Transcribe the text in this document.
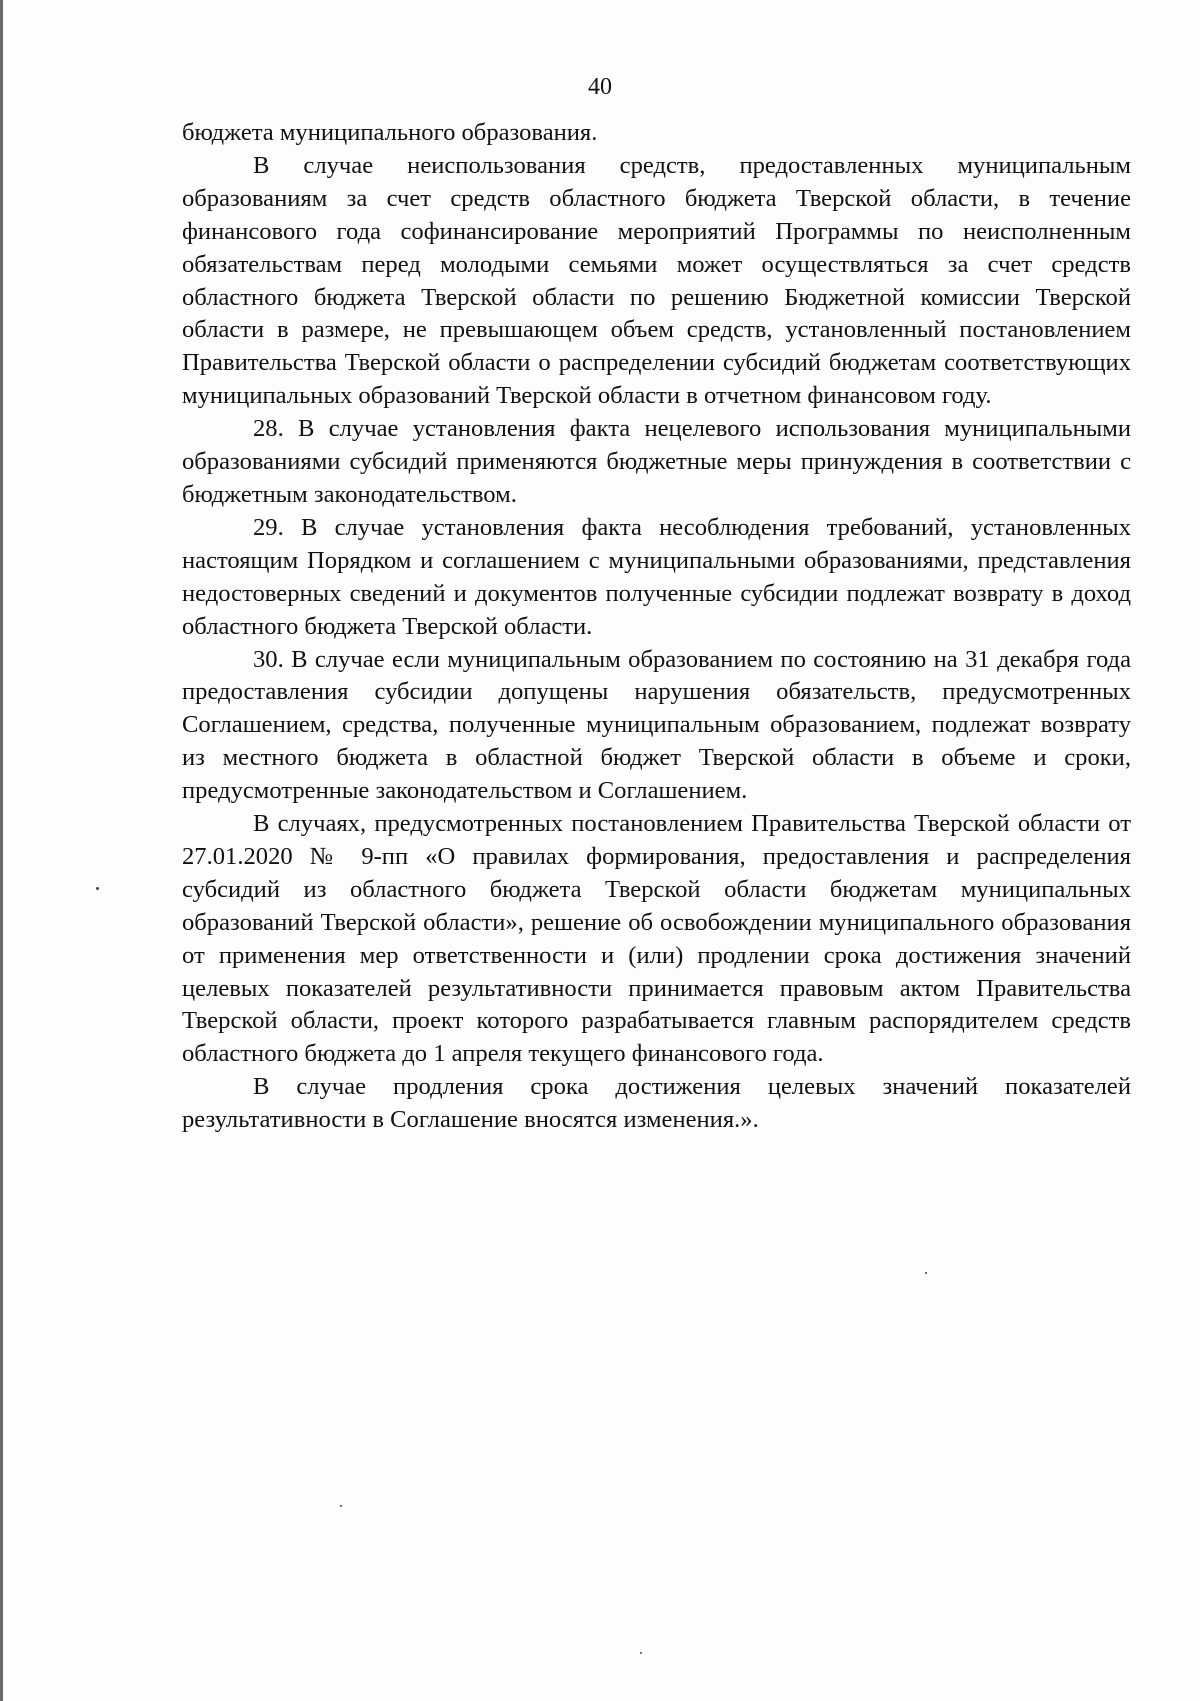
40

бюджета муниципального образования.

В случае неиспользования средств, предоставленных муниципальным образованиям за счет средств областного бюджета Тверской области, в течение финансового года софинансирование мероприятий Программы по неисполненным обязательствам перед молодыми семьями может осуществляться за счет средств областного бюджета Тверской области по решению Бюджетной комиссии Тверской области в размере, не превышающем объем средств, установленный постановлением Правительства Тверской области о распределении субсидий бюджетам соответствующих муниципальных образований Тверской области в отчетном финансовом году.

28. В случае установления факта нецелевого использования муниципальными образованиями субсидий применяются бюджетные меры принуждения в соответствии с бюджетным законодательством.

29. В случае установления факта несоблюдения требований, установленных настоящим Порядком и соглашением с муниципальными образованиями, представления недостоверных сведений и документов полученные субсидии подлежат возврату в доход областного бюджета Тверской области.

30. В случае если муниципальным образованием по состоянию на 31 декабря года предоставления субсидии допущены нарушения обязательств, предусмотренных Соглашением, средства, полученные муниципальным образованием, подлежат возврату из местного бюджета в областной бюджет Тверской области в объеме и сроки, предусмотренные законодательством и Соглашением.

В случаях, предусмотренных постановлением Правительства Тверской области от 27.01.2020 № 9-пп «О правилах формирования, предоставления и распределения субсидий из областного бюджета Тверской области бюджетам муниципальных образований Тверской области», решение об освобождении муниципального образования от применения мер ответственности и (или) продлении срока достижения значений целевых показателей результативности принимается правовым актом Правительства Тверской области, проект которого разрабатывается главным распорядителем средств областного бюджета до 1 апреля текущего финансового года.

В случае продления срока достижения целевых значений показателей результативности в Соглашение вносятся изменения.».
